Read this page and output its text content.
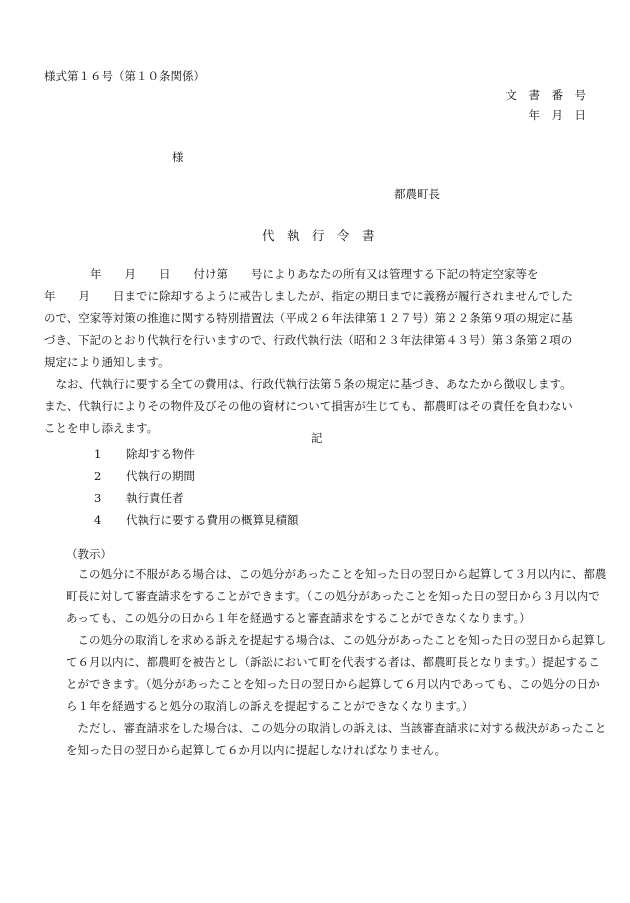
様式第１６号（第１０条関係）
文　書　番　号
年　月　日
様
都農町長
代　執　行　令　書

　　　　年　　月　　日　　付け第　　号によりあなたの所有又は管理する下記の特定空家等を

年　　月　　日までに除却するように戒告しましたが、指定の期日までに義務が履行されませんでした

ので、空家等対策の推進に関する特別措置法（平成２６年法律第１２７号）第２２条第９項の規定に基

づき、下記のとおり代執行を行いますので、行政代執行法（昭和２３年法律第４３号）第３条第２項の

規定により通知します。

　なお、代執行に要する全ての費用は、行政代執行法第５条の規定に基づき、あなたから徴収します。

また、代執行によりその物件及びその他の資材について損害が生じても、都農町はその責任を負わない

ことを申し添えます。

記
1 除却する物件
2 代執行の期間
3 執行責任者
4 代執行に要する費用の概算見積額
（教示）

　この処分に不服がある場合は、この処分があったことを知った日の翌日から起算して３月以内に、都農

町長に対して審査請求をすることができます。（この処分があったことを知った日の翌日から３月以内で

あっても、この処分の日から１年を経過すると審査請求をすることができなくなります。）

　この処分の取消しを求める訴えを提起する場合は、この処分があったことを知った日の翌日から起算し

て６月以内に、都農町を被告とし（訴訟において町を代表する者は、都農町長となります。）提起するこ

とができます。（処分があったことを知った日の翌日から起算して６月以内であっても、この処分の日か

ら１年を経過すると処分の取消しの訴えを提起することができなくなります。）

　ただし、審査請求をした場合は、この処分の取消しの訴えは、当該審査請求に対する裁決があったこと

を知った日の翌日から起算して６か月以内に提起しなければなりません。
